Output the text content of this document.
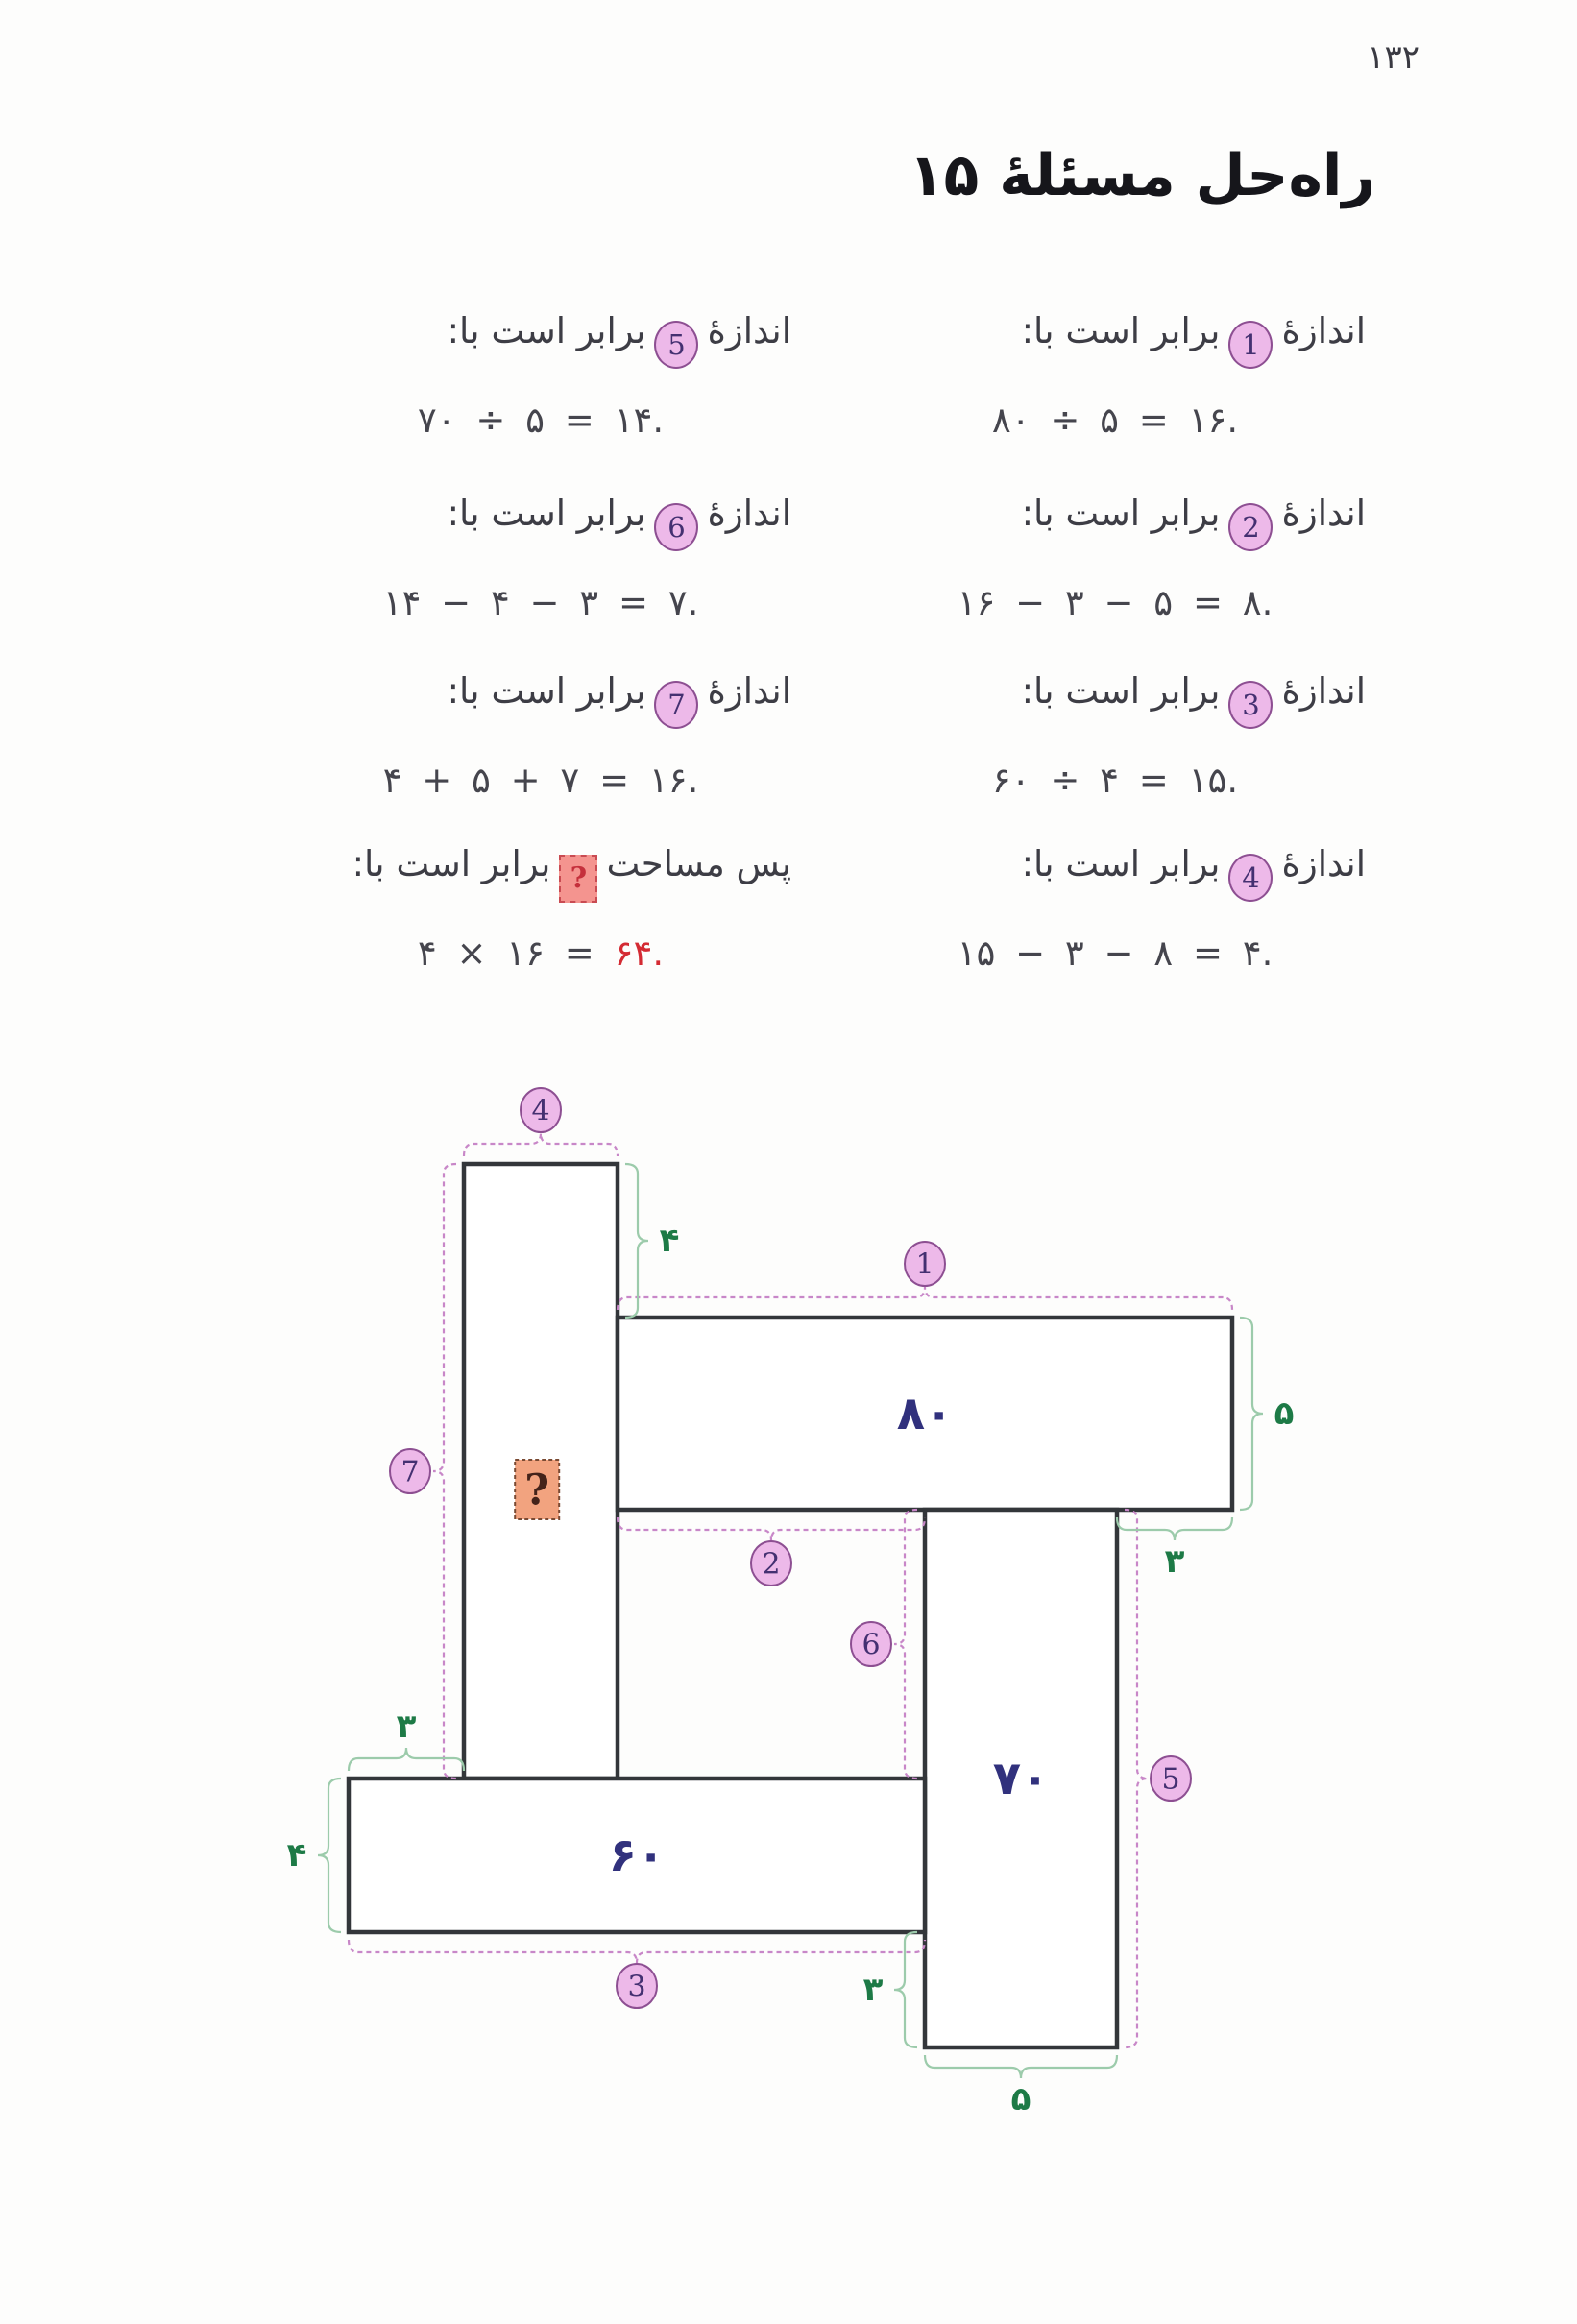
۱۳۲
راه‌حل مسئلۀ ۱۵
اندازۀ
1
برابر است با:
۸۰ ÷ ۵ = ۱۶.
اندازۀ
2
برابر است با:
۱۶ − ۳ − ۵ = ۸.
اندازۀ
3
برابر است با:
۶۰ ÷ ۴ = ۱۵.
اندازۀ
4
برابر است با:
۱۵ − ۳ − ۸ = ۴.
اندازۀ
5
برابر است با:
۷۰ ÷ ۵ = ۱۴.
اندازۀ
6
برابر است با:
۱۴ − ۴ − ۳ = ۷.
اندازۀ
7
برابر است با:
۴ + ۵ + ۷ = ۱۶.
پس مساحت
?
برابر است با:
۴ × ۱۶ = ۶۴.
۸۰
۷۰
۶۰
?
4
1
2
3
5
6
7
۴
۵
۳
۳
۴
۳
۵
